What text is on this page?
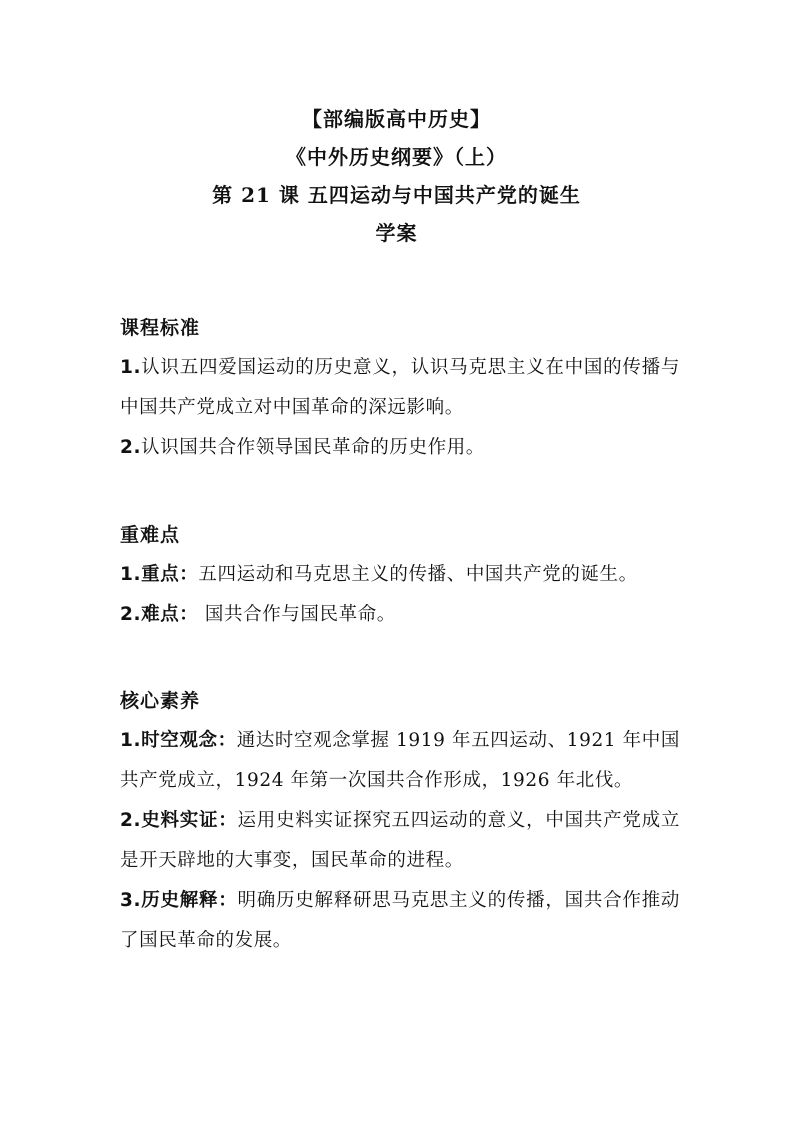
【部编版高中历史】
《中外历史纲要》（上）
第 21 课 五四运动与中国共产党的诞生
学案
课程标准

1.认识五四爱国运动的历史意义，认识马克思主义在中国的传播与中国共产党成立对中国革命的深远影响。

2.认识国共合作领导国民革命的历史作用。

重难点

1.重点：五四运动和马克思主义的传播、中国共产党的诞生。

2.难点： 国共合作与国民革命。

核心素养

1.时空观念：通达时空观念掌握 1919 年五四运动、1921 年中国共产党成立，1924 年第一次国共合作形成，1926 年北伐。

2.史料实证：运用史料实证探究五四运动的意义，中国共产党成立是开天辟地的大事变，国民革命的进程。

3.历史解释：明确历史解释研思马克思主义的传播，国共合作推动了国民革命的发展。
